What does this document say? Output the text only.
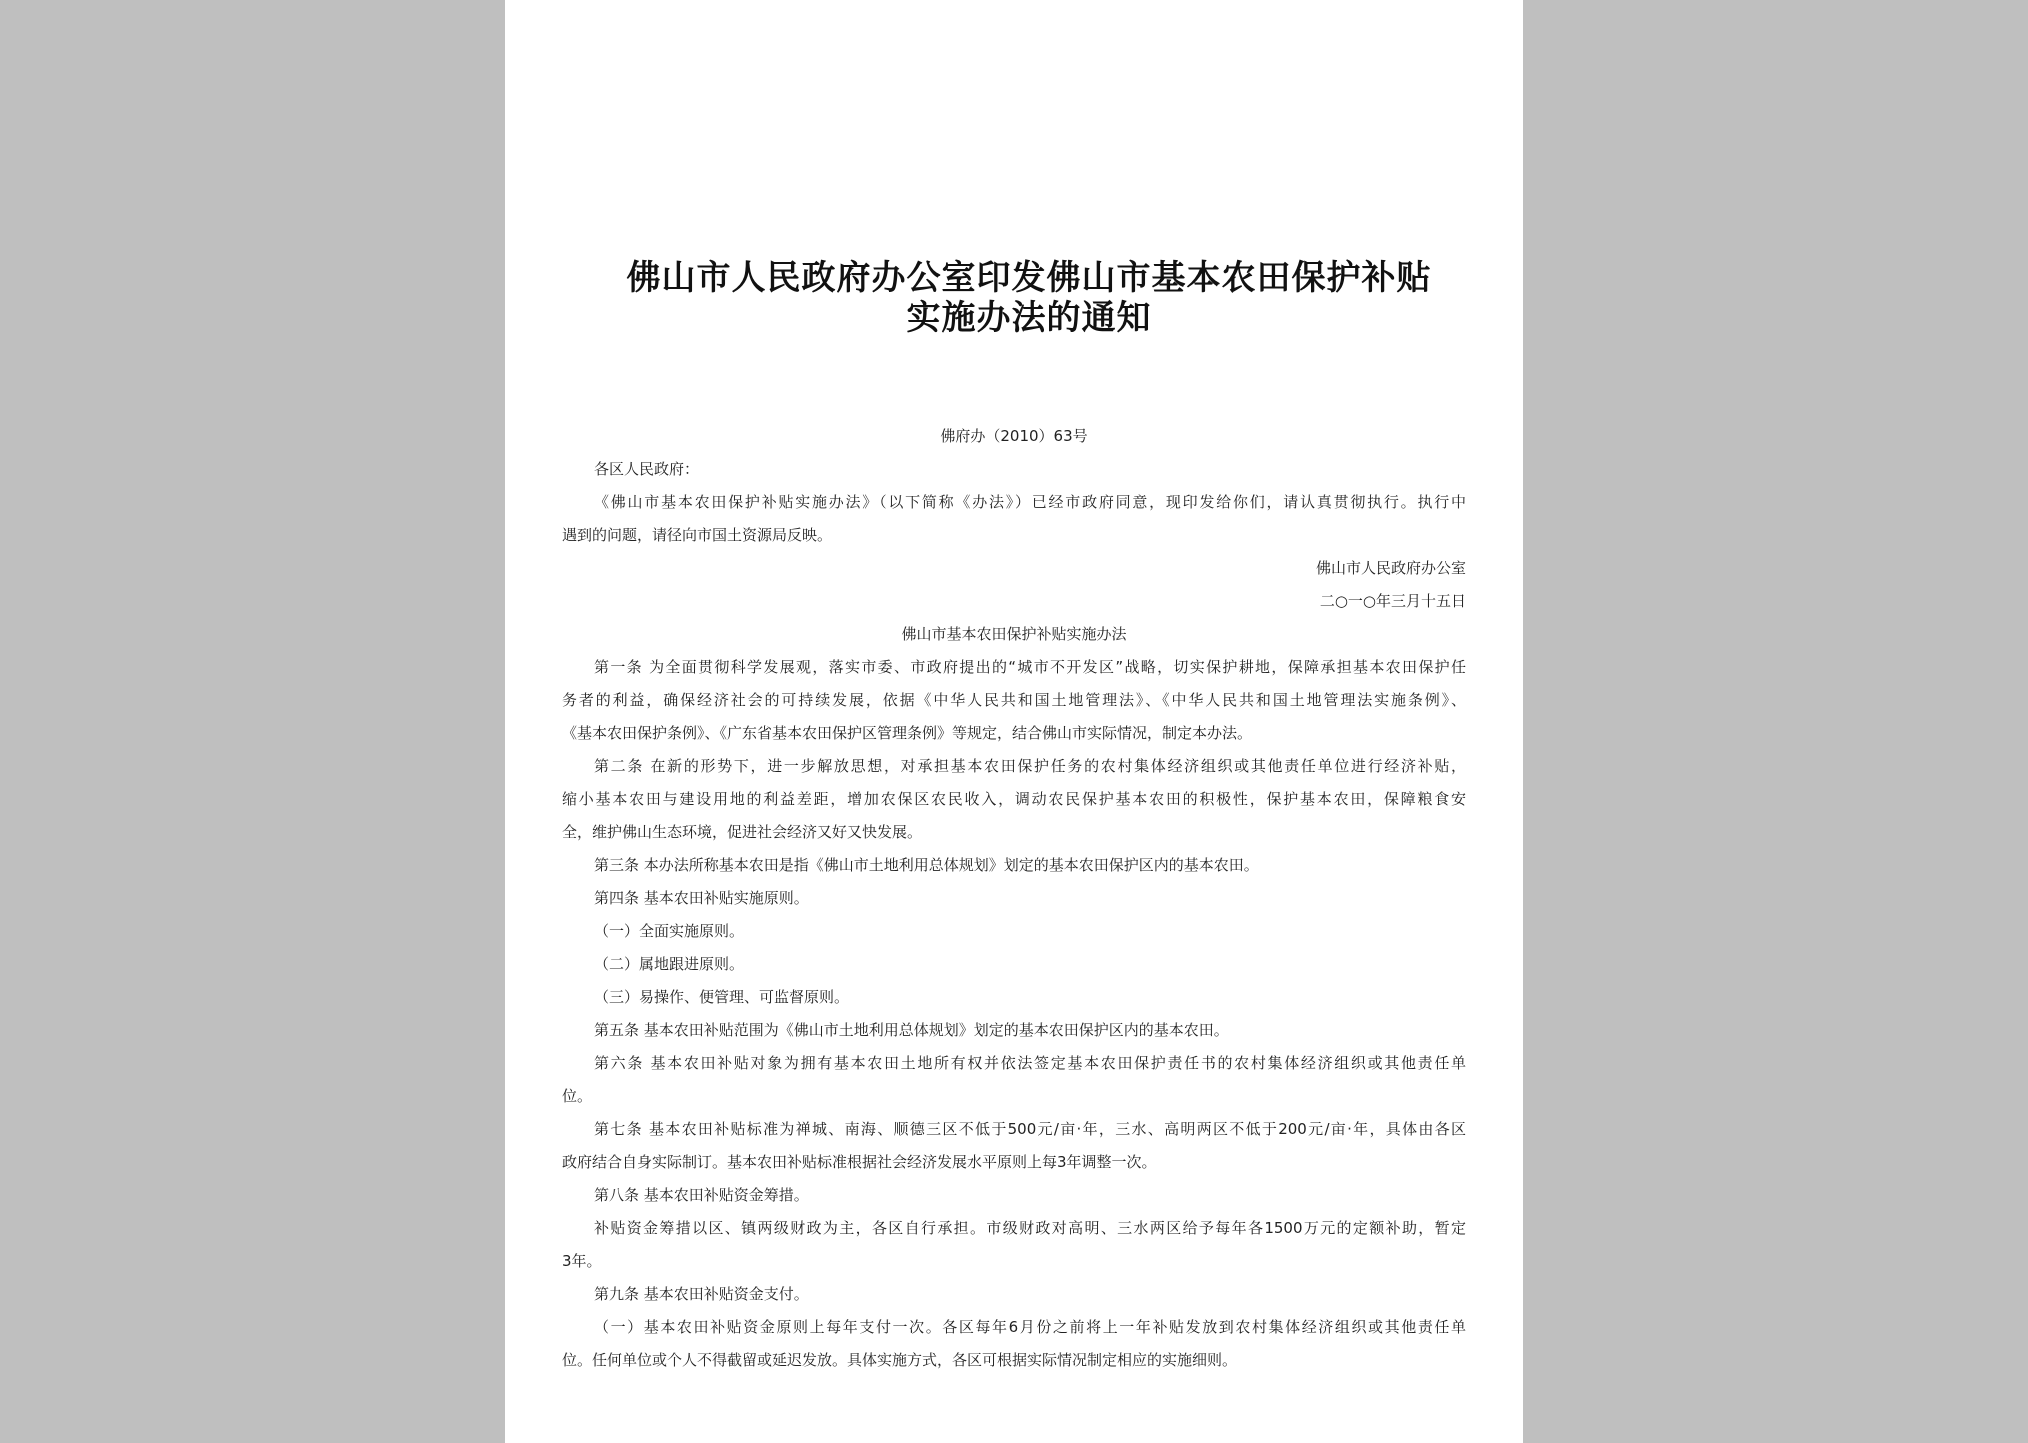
佛山市人民政府办公室印发佛山市基本农田保护补贴
实施办法的通知
佛府办（2010）63号
各区人民政府：
《佛山市基本农田保护补贴实施办法》（以下简称《办法》）已经市政府同意，现印发给你们，请认真贯彻执行。执行中
遇到的问题，请径向市国土资源局反映。
佛山市人民政府办公室
二○一○年三月十五日
佛山市基本农田保护补贴实施办法
第一条 为全面贯彻科学发展观，落实市委、市政府提出的“城市不开发区”战略，切实保护耕地，保障承担基本农田保护任
务者的利益，确保经济社会的可持续发展，依据《中华人民共和国土地管理法》、《中华人民共和国土地管理法实施条例》、
《基本农田保护条例》、《广东省基本农田保护区管理条例》等规定，结合佛山市实际情况，制定本办法。
第二条 在新的形势下，进一步解放思想，对承担基本农田保护任务的农村集体经济组织或其他责任单位进行经济补贴，
缩小基本农田与建设用地的利益差距，增加农保区农民收入，调动农民保护基本农田的积极性，保护基本农田，保障粮食安
全，维护佛山生态环境，促进社会经济又好又快发展。
第三条 本办法所称基本农田是指《佛山市土地利用总体规划》划定的基本农田保护区内的基本农田。
第四条 基本农田补贴实施原则。
（一）全面实施原则。
（二）属地跟进原则。
（三）易操作、便管理、可监督原则。
第五条 基本农田补贴范围为《佛山市土地利用总体规划》划定的基本农田保护区内的基本农田。
第六条 基本农田补贴对象为拥有基本农田土地所有权并依法签定基本农田保护责任书的农村集体经济组织或其他责任单
位。
第七条 基本农田补贴标准为禅城、南海、顺德三区不低于500元/亩·年，三水、高明两区不低于200元/亩·年，具体由各区
政府结合自身实际制订。基本农田补贴标准根据社会经济发展水平原则上每3年调整一次。
第八条 基本农田补贴资金筹措。
补贴资金筹措以区、镇两级财政为主，各区自行承担。市级财政对高明、三水两区给予每年各1500万元的定额补助，暂定
3年。
第九条 基本农田补贴资金支付。
（一）基本农田补贴资金原则上每年支付一次。各区每年6月份之前将上一年补贴发放到农村集体经济组织或其他责任单
位。任何单位或个人不得截留或延迟发放。具体实施方式，各区可根据实际情况制定相应的实施细则。
